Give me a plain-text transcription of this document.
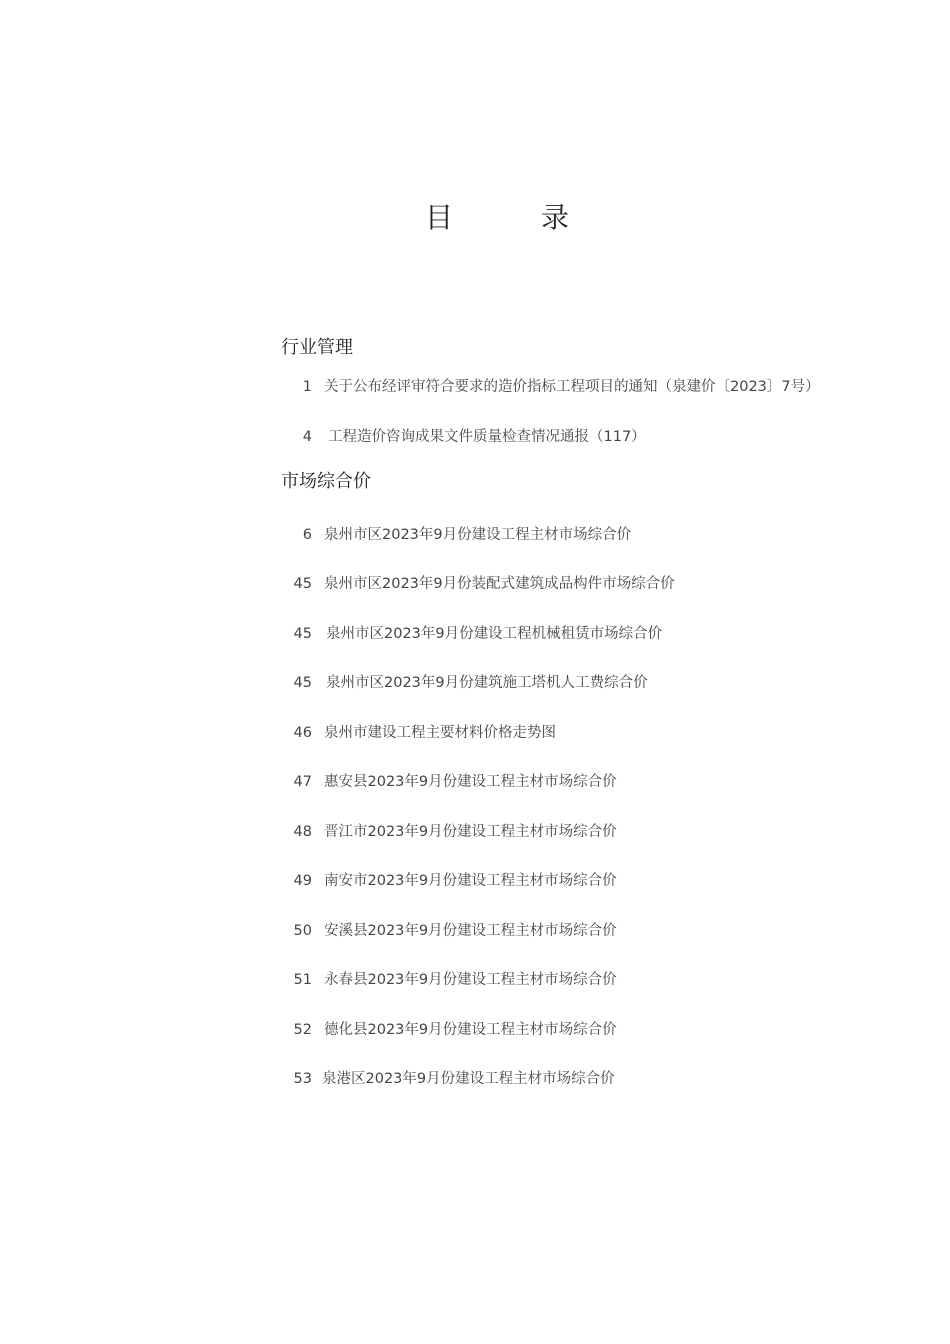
目　录
行业管理
1 关于公布经评审符合要求的造价指标工程项目的通知（泉建价〔2023〕7号）
4 工程造价咨询成果文件质量检查情况通报（117）
市场综合价
6 泉州市区2023年9月份建设工程主材市场综合价
45 泉州市区2023年9月份装配式建筑成品构件市场综合价
45 泉州市区2023年9月份建设工程机械租赁市场综合价
45 泉州市区2023年9月份建筑施工塔机人工费综合价
46 泉州市建设工程主要材料价格走势图
47 惠安县2023年9月份建设工程主材市场综合价
48 晋江市2023年9月份建设工程主材市场综合价
49 南安市2023年9月份建设工程主材市场综合价
50 安溪县2023年9月份建设工程主材市场综合价
51 永春县2023年9月份建设工程主材市场综合价
52 德化县2023年9月份建设工程主材市场综合价
53 泉港区2023年9月份建设工程主材市场综合价
